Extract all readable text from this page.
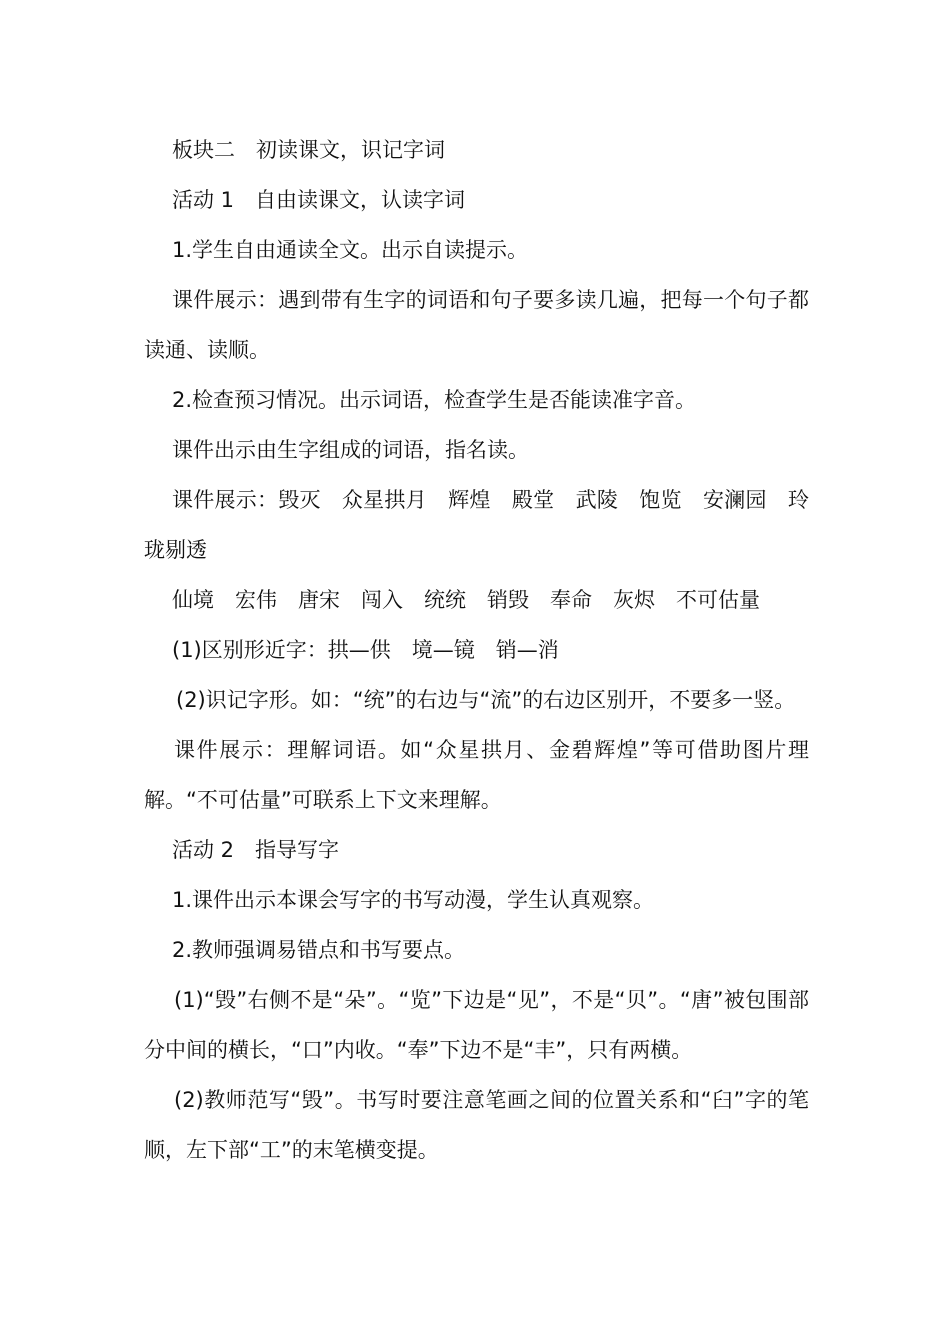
板块二　初读课文，识记字词

活动 1　自由读课文，认读字词

1.学生自由通读全文。出示自读提示。

课件展示：遇到带有生字的词语和句子要多读几遍，把每一个句子都读通、读顺。

2.检查预习情况。出示词语，检查学生是否能读准字音。

课件出示由生字组成的词语，指名读。

课件展示：毁灭　众星拱月　辉煌　殿堂　武陵　饱览　安澜园　玲珑剔透

仙境　宏伟　唐宋　闯入　统统　销毁　奉命　灰烬　不可估量

(1)区别形近字：拱—供　境—镜　销—消

(2)识记字形。如：“统”的右边与“流”的右边区别开，不要多一竖。

课件展示：理解词语。如“众星拱月、金碧辉煌”等可借助图片理解。“不可估量”可联系上下文来理解。

活动 2　指导写字

1.课件出示本课会写字的书写动漫，学生认真观察。

2.教师强调易错点和书写要点。

(1)“毁”右侧不是“朵”。“览”下边是“见”，不是“贝”。“唐”被包围部分中间的横长，“口”内收。“奉”下边不是“丰”，只有两横。

(2)教师范写“毁”。书写时要注意笔画之间的位置关系和“臼”字的笔顺，左下部“工”的末笔横变提。
